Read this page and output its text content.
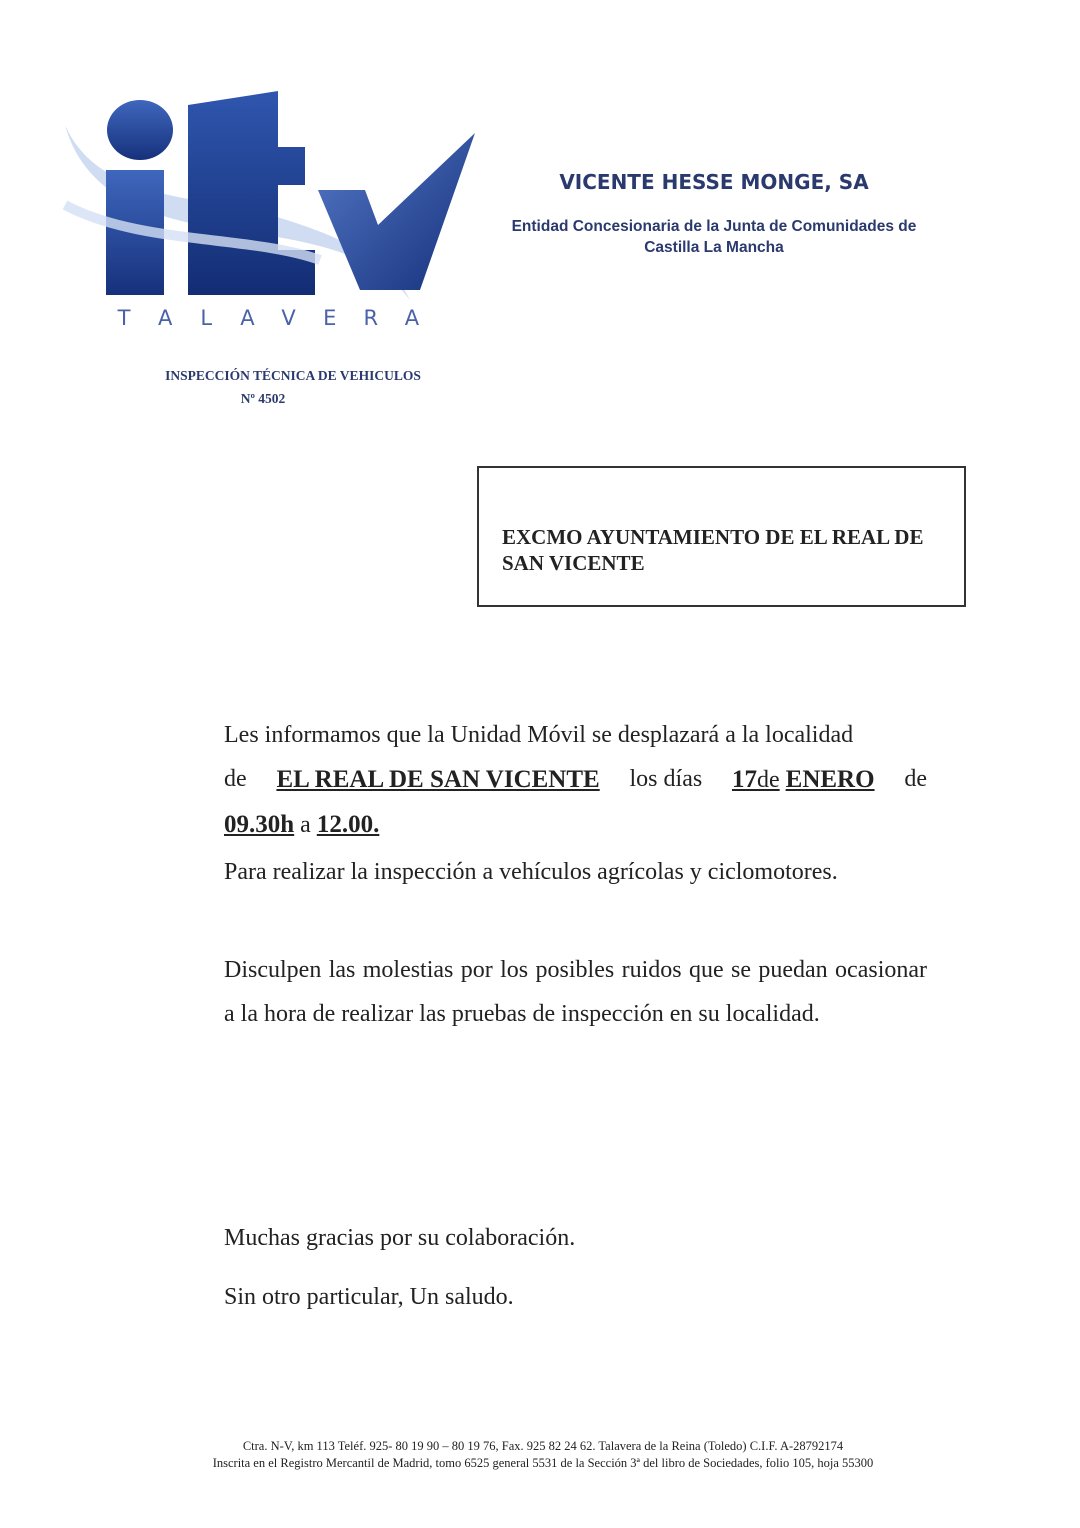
T	A	L	A	V	E	R	A
VICENTE HESSE MONGE, SA
Entidad Concesionaria de la Junta de Comunidades de
Castilla La Mancha
INSPECCIÓN TÉCNICA DE VEHICULOS
Nº 4502
EXCMO AYUNTAMIENTO DE EL REAL DE
SAN VICENTE
Les informamos que la Unidad Móvil se desplazará a la localidad
de EL REAL DE SAN VICENTE los días 17de ENERO de
09.30h a 12.00.
Para realizar la inspección a vehículos agrícolas y ciclomotores.
Disculpen las molestias por los posibles ruidos que se puedan ocasionar a la hora de realizar las pruebas de inspección en su localidad.
Muchas gracias por su colaboración.
Sin otro particular, Un saludo.
Ctra. N-V, km 113 Teléf. 925- 80 19 90 – 80 19 76, Fax. 925 82 24 62. Talavera de la Reina (Toledo) C.I.F. A-28792174
Inscrita en el Registro Mercantil de Madrid, tomo 6525 general 5531 de la Sección 3ª del libro de Sociedades, folio 105, hoja 55300
